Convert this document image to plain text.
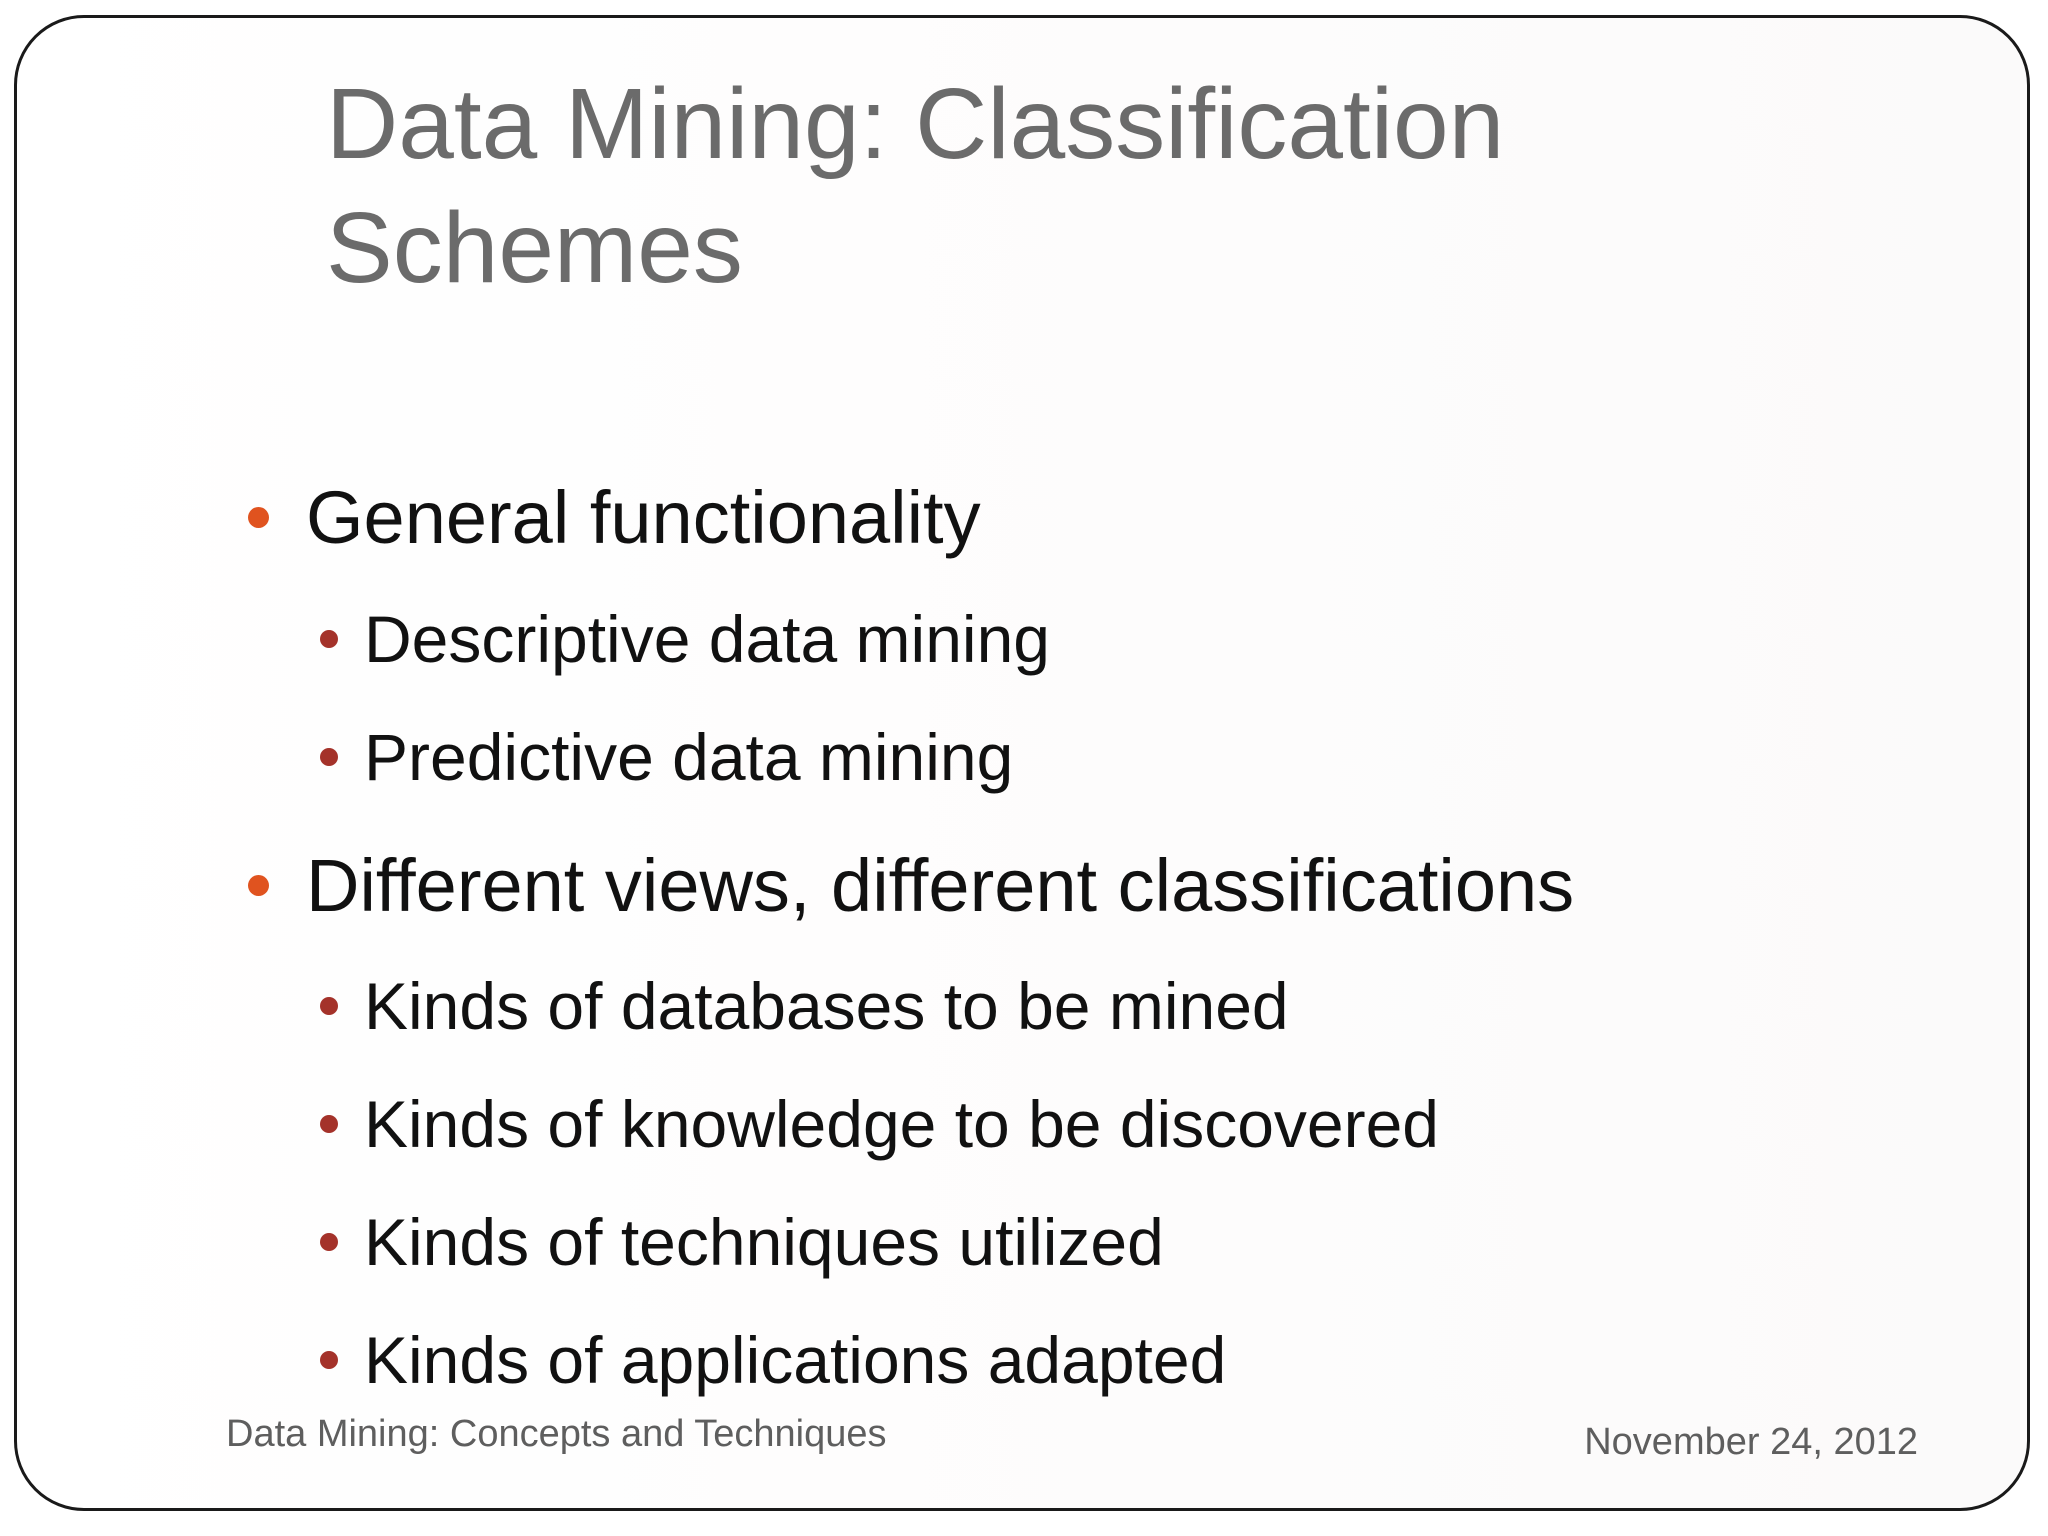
Data Mining: Classification
Schemes
General functionality
Descriptive data mining
Predictive data mining
Different views, different classifications
Kinds of databases to be mined
Kinds of knowledge to be discovered
Kinds of techniques utilized
Kinds of applications adapted
Data Mining: Concepts and Techniques	November 24, 2012
